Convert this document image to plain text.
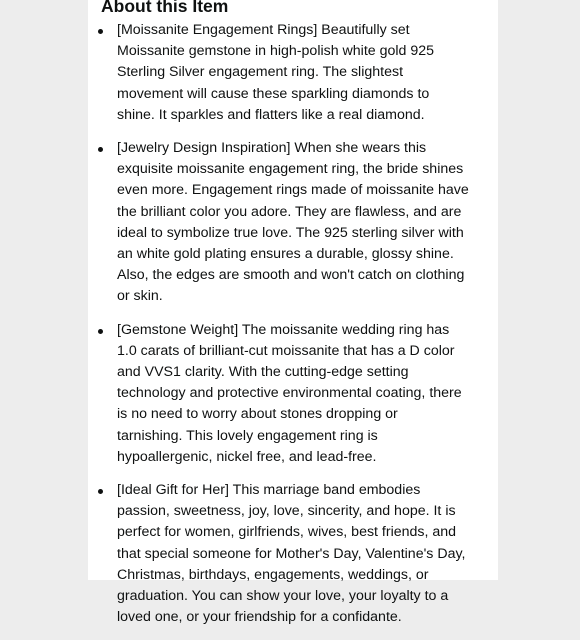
About this Item
[Moissanite Engagement Rings] Beautifully set
Moissanite gemstone in high-polish white gold 925
Sterling Silver engagement ring. The slightest
movement will cause these sparkling diamonds to
shine. It sparkles and flatters like a real diamond.
[Jewelry Design Inspiration] When she wears this
exquisite moissanite engagement ring, the bride shines
even more. Engagement rings made of moissanite have
the brilliant color you adore. They are flawless, and are
ideal to symbolize true love. The 925 sterling silver with
an white gold plating ensures a durable, glossy shine.
Also, the edges are smooth and won't catch on clothing
or skin.
[Gemstone Weight] The moissanite wedding ring has
1.0 carats of brilliant-cut moissanite that has a D color
and VVS1 clarity. With the cutting-edge setting
technology and protective environmental coating, there
is no need to worry about stones dropping or
tarnishing. This lovely engagement ring is
hypoallergenic, nickel free, and lead-free.
[Ideal Gift for Her] This marriage band embodies
passion, sweetness, joy, love, sincerity, and hope. It is
perfect for women, girlfriends, wives, best friends, and
that special someone for Mother's Day, Valentine's Day,
Christmas, birthdays, engagements, weddings, or
graduation. You can show your love, your loyalty to a
loved one, or your friendship for a confidante.
